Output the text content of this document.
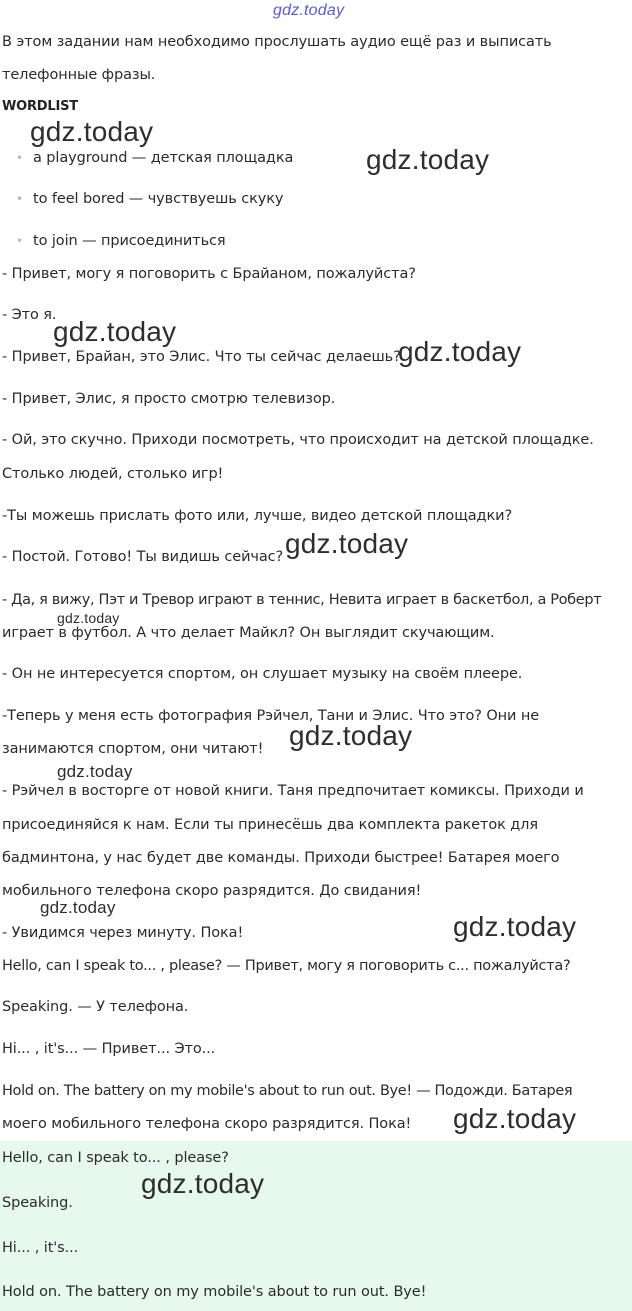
gdz.today
В этом задании нам необходимо прослушать аудио ещё раз и выписать
телефонные фразы.
WORDLIST
• a playground — детская площадка
• to feel bored — чувствуешь скуку
• to join — присоединиться
- Привет, могу я поговорить с Брайаном, пожалуйста?
- Это я.
- Привет, Брайан, это Элис. Что ты сейчас делаешь?
- Привет, Элис, я просто смотрю телевизор.
- Ой, это скучно. Приходи посмотреть, что происходит на детской площадке.
Столько людей, столько игр!
-Ты можешь прислать фото или, лучше, видео детской площадки?
- Постой. Готово! Ты видишь сейчас?
- Да, я вижу, Пэт и Тревор играют в теннис, Невита играет в баскетбол, а Роберт
играет в футбол. А что делает Майкл? Он выглядит скучающим.
- Он не интересуется спортом, он слушает музыку на своём плеере.
-Теперь у меня есть фотография Рэйчел, Тани и Элис. Что это? Они не
занимаются спортом, они читают!
- Рэйчел в восторге от новой книги. Таня предпочитает комиксы. Приходи и
присоединяйся к нам. Если ты принесёшь два комплекта ракеток для
бадминтона, у нас будет две команды. Приходи быстрее! Батарея моего
мобильного телефона скоро разрядится. До свидания!
- Увидимся через минуту. Пока!
Hello, can I speak to... , please? — Привет, могу я поговорить с... пожалуйста?
Speaking. — У телефона.
Hi... , it's... — Привет... Это...
Hold on. The battery on my mobile's about to run out. Bye! — Подожди. Батарея
моего мобильного телефона скоро разрядится. Пока!
Hello, can I speak to... , please?
Speaking.
Hi... , it's...
Hold on. The battery on my mobile's about to run out. Bye!
gdz.today
gdz.today
gdz.today
gdz.today
gdz.today
gdz.today
gdz.today
gdz.today
gdz.today
gdz.today
gdz.today
gdz.today
